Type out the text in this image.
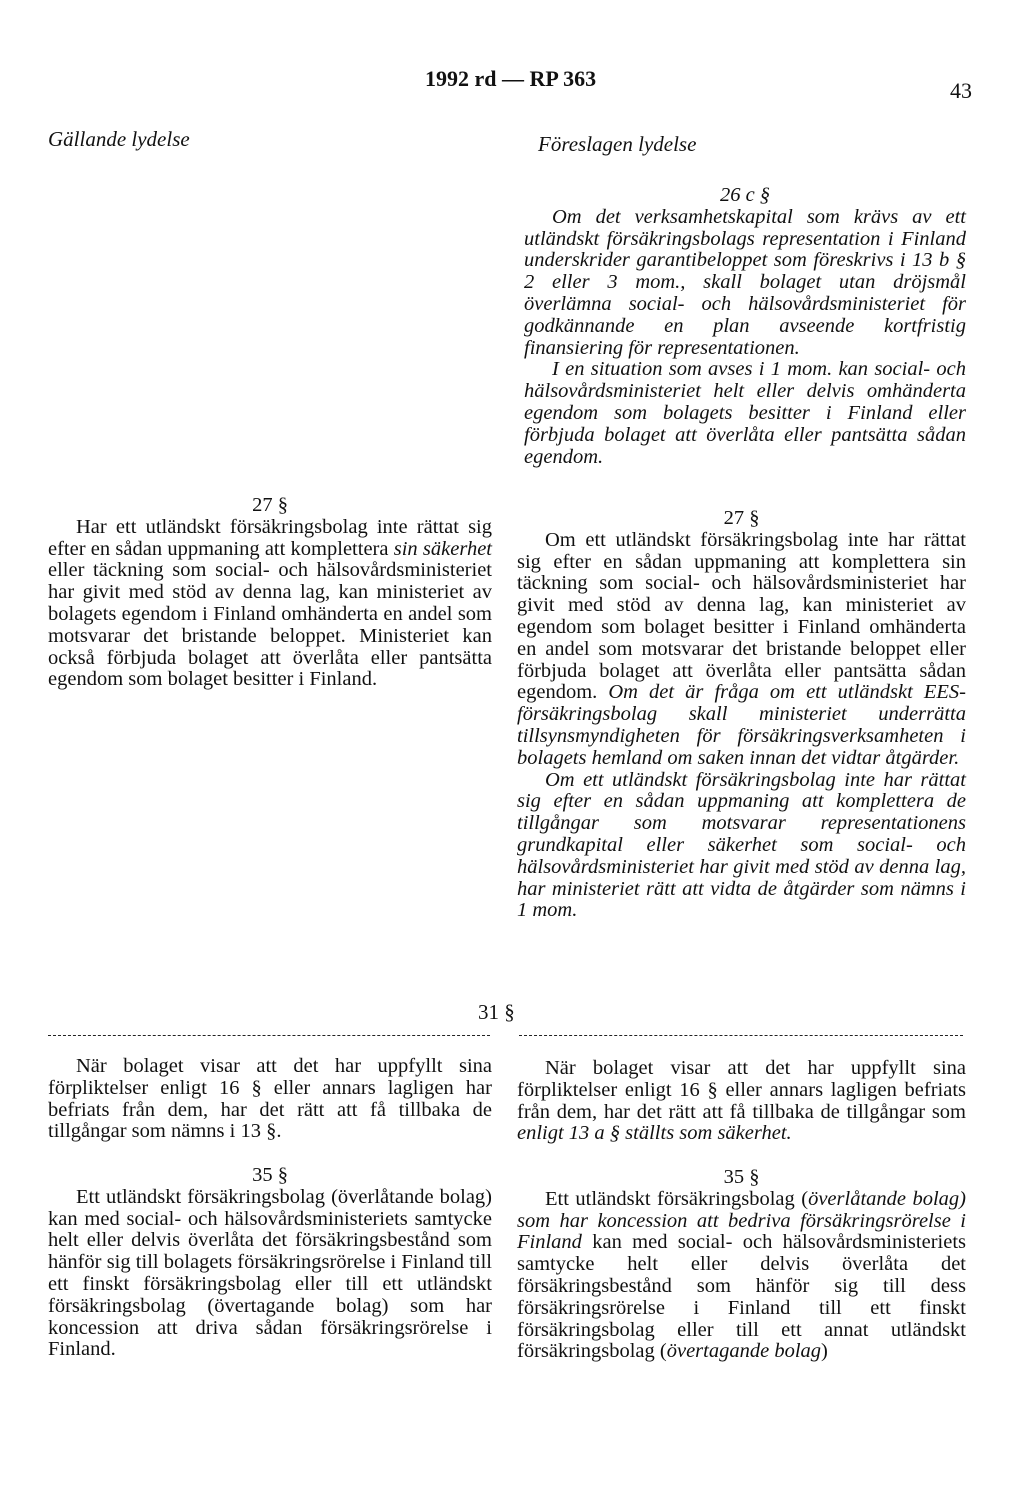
1992 rd — RP 363	43
Gällande lydelse	Föreslagen lydelse

26 c §

Om det verksamhetskapital som krävs av ett utländskt försäkringsbolags representation i Finland underskrider garantibeloppet som föreskrivs i 13 b § 2 eller 3 mom., skall bolaget utan dröjsmål överlämna social- och hälsovårdsministeriet för godkännande en plan avseende kortfristig finansiering för representationen.

I en situation som avses i 1 mom. kan social- och hälsovårdsministeriet helt eller delvis omhänderta egendom som bolagets besitter i Finland eller förbjuda bolaget att överlåta eller pantsätta sådan egendom.

27 §

Har ett utländskt försäkringsbolag inte rättat sig efter en sådan uppmaning att komplettera sin säkerhet eller täckning som social- och hälsovårdsministeriet har givit med stöd av denna lag, kan ministeriet av bolagets egendom i Finland omhänderta en andel som motsvarar det bristande beloppet. Ministeriet kan också förbjuda bolaget att överlåta eller pantsätta egendom som bolaget besitter i Finland.

27 §

Om ett utländskt försäkringsbolag inte har rättat sig efter en sådan uppmaning att komplettera sin täckning som social- och hälsovårdsministeriet har givit med stöd av denna lag, kan ministeriet av egendom som bolaget besitter i Finland omhänderta en andel som motsvarar det bristande beloppet eller förbjuda bolaget att överlåta eller pantsätta sådan egendom. Om det är fråga om ett utländskt EES-försäkringsbolag skall ministeriet underrätta tillsynsmyndigheten för försäkringsverksamheten i bolagets hemland om saken innan det vidtar åtgärder.

Om ett utländskt försäkringsbolag inte har rättat sig efter en sådan uppmaning att komplettera de tillgångar som motsvarar representationens grundkapital eller säkerhet som social- och hälsovårdsministeriet har givit med stöd av denna lag, har ministeriet rätt att vidta de åtgärder som nämns i 1 mom.

31 §

När bolaget visar att det har uppfyllt sina förpliktelser enligt 16 § eller annars lagligen har befriats från dem, har det rätt att få tillbaka de tillgångar som nämns i 13 §.

När bolaget visar att det har uppfyllt sina förpliktelser enligt 16 § eller annars lagligen befriats från dem, har det rätt att få tillbaka de tillgångar som enligt 13 a § ställts som säkerhet.

35 §

Ett utländskt försäkringsbolag (överlåtande bolag) kan med social- och hälsovårdsministeriets samtycke helt eller delvis överlåta det försäkringsbestånd som hänför sig till bolagets försäkringsrörelse i Finland till ett finskt försäkringsbolag eller till ett utländskt försäkringsbolag (övertagande bolag) som har koncession att driva sådan försäkringsrörelse i Finland.

35 §

Ett utländskt försäkringsbolag (överlåtande bolag) som har koncession att bedriva försäkringsrörelse i Finland kan med social- och hälsovårdsministeriets samtycke helt eller delvis överlåta det försäkringsbestånd som hänför sig till dess försäkringsrörelse i Finland till ett finskt försäkringsbolag eller till ett annat utländskt försäkringsbolag (övertagande bolag)
